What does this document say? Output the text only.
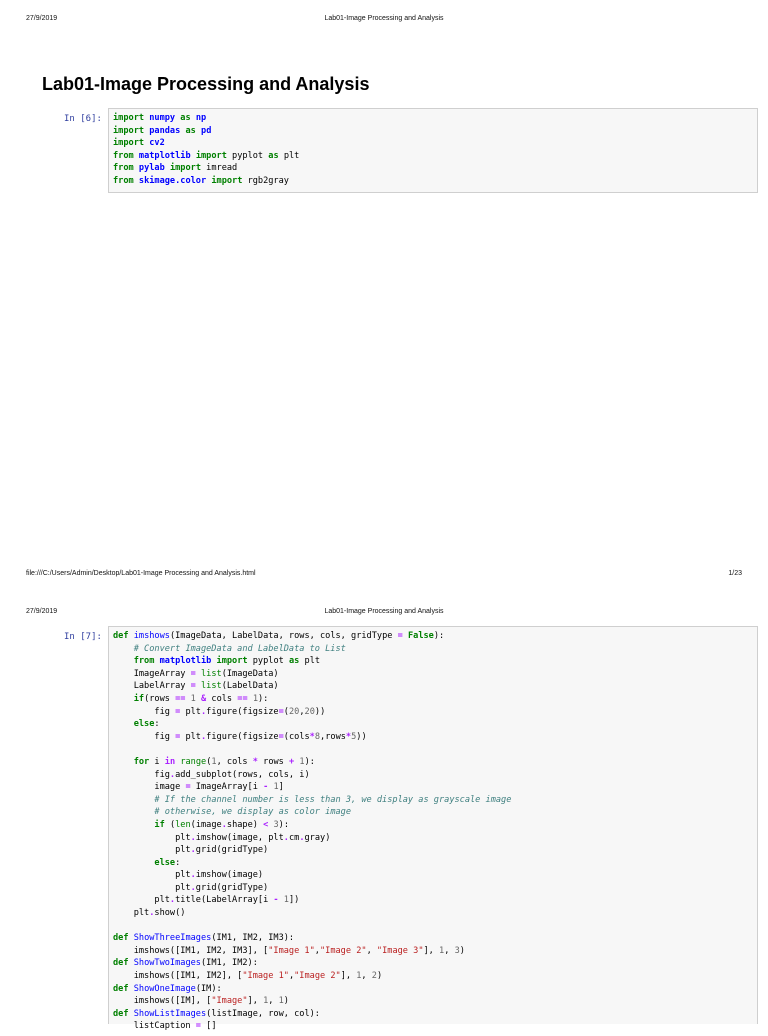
27/9/2019	Lab01-Image Processing and Analysis
Lab01-Image Processing and Analysis
In [6]: import numpy as np
import pandas as pd
import cv2
from matplotlib import pyplot as plt
from pylab import imread
from skimage.color import rgb2gray
file:///C:/Users/Admin/Desktop/Lab01-Image Processing and Analysis.html	1/23
27/9/2019	Lab01-Image Processing and Analysis
In [7]: def imshows(ImageData, LabelData, rows, cols, gridType = False):
# Convert ImageData and LabelData to List
from matplotlib import pyplot as plt
ImageArray = list(ImageData)
LabelArray = list(LabelData)
if(rows == 1 & cols == 1):
fig = plt.figure(figsize=(20,20))
else:
fig = plt.figure(figsize=(cols*8,rows*5))
for i in range(1, cols * rows + 1):
fig.add_subplot(rows, cols, i)
image = ImageArray[i - 1]
# If the channel number is less than 3, we display as grayscale image
# otherwise, we display as color image
if (len(image.shape) < 3):
plt.imshow(image, plt.cm.gray)
plt.grid(gridType)
else:
plt.imshow(image)
plt.grid(gridType)
plt.title(LabelArray[i - 1])
plt.show()
def ShowThreeImages(IM1, IM2, IM3):
imshows([IM1, IM2, IM3], ["Image 1","Image 2", "Image 3"], 1, 3)
def ShowTwoImages(IM1, IM2):
imshows([IM1, IM2], ["Image 1","Image 2"], 1, 2)
def ShowOneImage(IM):
imshows([IM], ["Image"], 1, 1)
def ShowListImages(listImage, row, col):
listCaption = []
